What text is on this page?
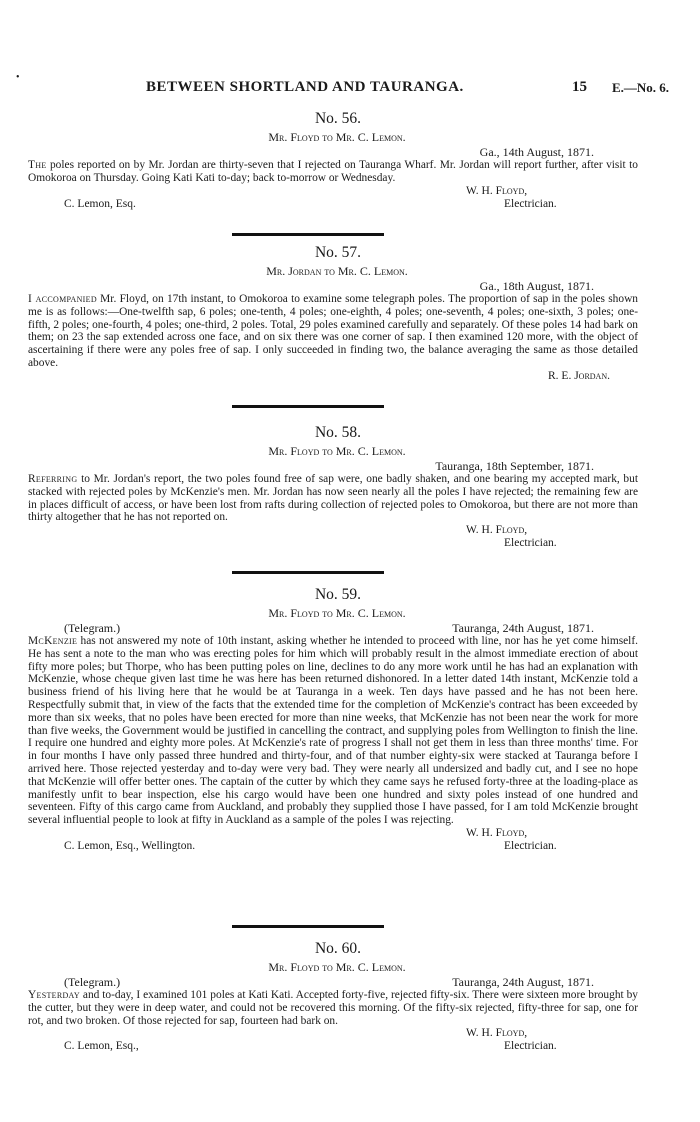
•
BETWEEN SHORTLAND AND TAURANGA.	15 E.—No. 6.
No. 56.
Mr. Floyd to Mr. C. Lemon.
Ga., 14th August, 1871.

The poles reported on by Mr. Jordan are thirty-seven that I rejected on Tauranga Wharf. Mr. Jordan will report further, after visit to Omokoroa on Thursday. Going Kati Kati to-day; back to-morrow or Wednesday.

C. Lemon, Esq.
W. H. Floyd,
Electrician.
No. 57.
Mr. Jordan to Mr. C. Lemon.
Ga., 18th August, 1871.

I accompanied Mr. Floyd, on 17th instant, to Omokoroa to examine some telegraph poles. The proportion of sap in the poles shown me is as follows:—One-twelfth sap, 6 poles; one-tenth, 4 poles; one-eighth, 4 poles; one-seventh, 4 poles; one-sixth, 3 poles; one-fifth, 2 poles; one-fourth, 4 poles; one-third, 2 poles. Total, 29 poles examined carefully and separately. Of these poles 14 had bark on them; on 23 the sap extended across one face, and on six there was one corner of sap. I then examined 120 more, with the object of ascertaining if there were any poles free of sap. I only succeeded in finding two, the balance averaging the same as those detailed above.

R. E. Jordan.
No. 58.
Mr. Floyd to Mr. C. Lemon.
Tauranga, 18th September, 1871.

Referring to Mr. Jordan's report, the two poles found free of sap were, one badly shaken, and one bearing my accepted mark, but stacked with rejected poles by McKenzie's men. Mr. Jordan has now seen nearly all the poles I have rejected; the remaining few are in places difficult of access, or have been lost from rafts during collection of rejected poles to Omokoroa, but there are not more than thirty altogether that he has not reported on.

W. H. Floyd,
Electrician.
No. 59.
Mr. Floyd to Mr. C. Lemon.
(Telegram.)	Tauranga, 24th August, 1871.

McKenzie has not answered my note of 10th instant, asking whether he intended to proceed with line, nor has he yet come himself. He has sent a note to the man who was erecting poles for him which will probably result in the almost immediate erection of about fifty more poles; but Thorpe, who has been putting poles on line, declines to do any more work until he has had an explanation with McKenzie, whose cheque given last time he was here has been returned dishonored. In a letter dated 14th instant, McKenzie told a business friend of his living here that he would be at Tauranga in a week. Ten days have passed and he has not been here. Respectfully submit that, in view of the facts that the extended time for the completion of McKenzie's contract has been exceeded by more than six weeks, that no poles have been erected for more than nine weeks, that McKenzie has not been near the work for more than five weeks, the Government would be justified in cancelling the contract, and supplying poles from Wellington to finish the line. I require one hundred and eighty more poles. At McKenzie's rate of progress I shall not get them in less than three months' time. For in four months I have only passed three hundred and thirty-four, and of that number eighty-six were stacked at Tauranga before I arrived here. Those rejected yesterday and to-day were very bad. They were nearly all undersized and badly cut, and I see no hope that McKenzie will offer better ones. The captain of the cutter by which they came says he refused forty-three at the loading-place as manifestly unfit to bear inspection, else his cargo would have been one hundred and sixty poles instead of one hundred and seventeen. Fifty of this cargo came from Auckland, and probably they supplied those I have passed, for I am told McKenzie brought several influential people to look at fifty in Auckland as a sample of the poles I was rejecting.

C. Lemon, Esq., Wellington.
W. H. Floyd,
Electrician.
No. 60.
Mr. Floyd to Mr. C. Lemon.
(Telegram.)	Tauranga, 24th August, 1871.

Yesterday and to-day, I examined 101 poles at Kati Kati. Accepted forty-five, rejected fifty-six. There were sixteen more brought by the cutter, but they were in deep water, and could not be recovered this morning. Of the fifty-six rejected, fifty-three for sap, one for rot, and two broken. Of those rejected for sap, fourteen had bark on.

C. Lemon, Esq.,
W. H. Floyd,
Electrician.
